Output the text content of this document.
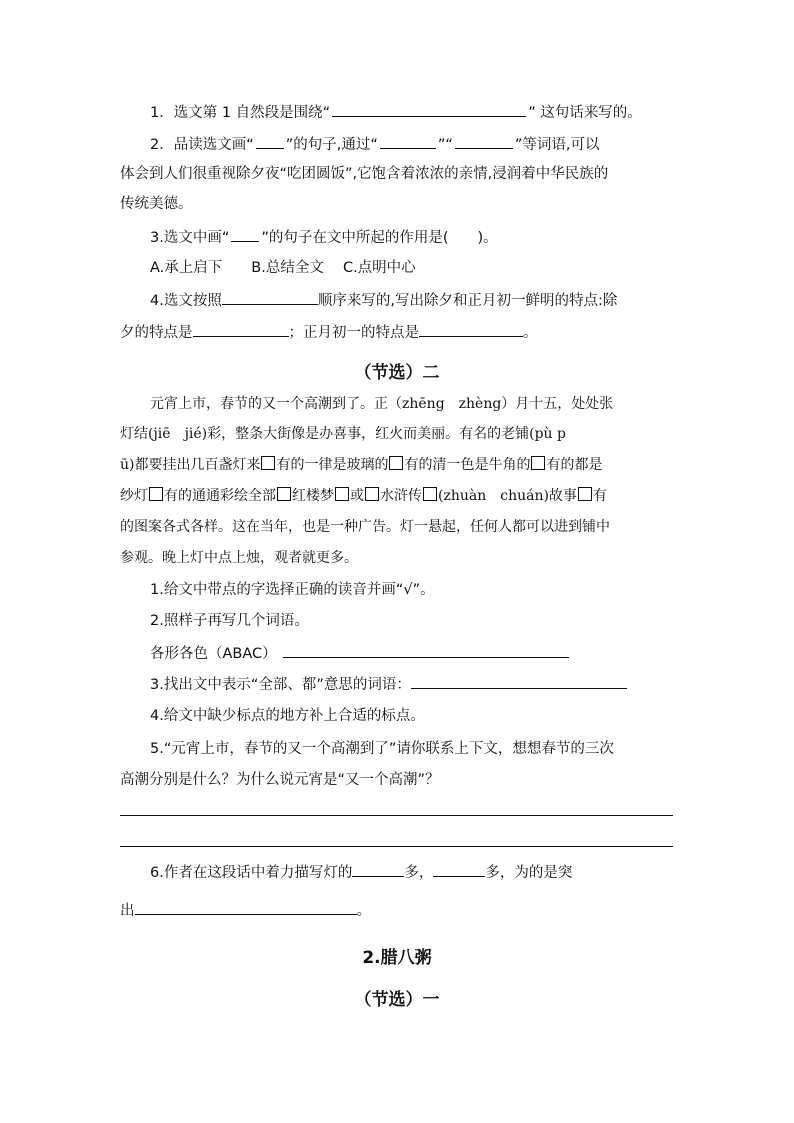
1．选文第 1 自然段是围绕“	” 这句话来写的。
2．品读选文画“ ”的句子,通过“	”“	”等词语,可以
体会到人们很重视除夕夜“吃团圆饭”,它饱含着浓浓的亲情,浸润着中华民族的
传统美德。
3.选文中画“ ”的句子在文中所起的作用是(　　)。
A.承上启下　　B.总结全文　 C.点明中心
4.选文按照	顺序来写的,写出除夕和正月初一鲜明的特点:除
夕的特点是	；正月初一的特点是	。
（节选）二
元宵上市，春节的又一个高潮到了。正（zhēng　zhèng）月十五，处处张
灯结(jiē　jié)彩，整条大街像是办喜事，红火而美丽。有名的老铺(pù p
ū)都要挂出几百盏灯来 有的一律是玻璃的 有的清一色是牛角的 有的都是
纱灯 有的通通彩绘全部 红楼梦 或 水浒传 (zhuàn　chuán)故事 有
的图案各式各样。这在当年，也是一种广告。灯一悬起，任何人都可以进到铺中
参观。晚上灯中点上烛，观者就更多。
1.给文中带点的字选择正确的读音并画“√”。
2.照样子再写几个词语。
各形各色（ABAC）
3.找出文中表示“全部、都”意思的词语：
4.给文中缺少标点的地方补上合适的标点。
5.“元宵上市，春节的又一个高潮到了”请你联系上下文，想想春节的三次
高潮分别是什么？为什么说元宵是“又一个高潮”？
6.作者在这段话中着力描写灯的	多，	多，为的是突
出	。
2.腊八粥
（节选）一
